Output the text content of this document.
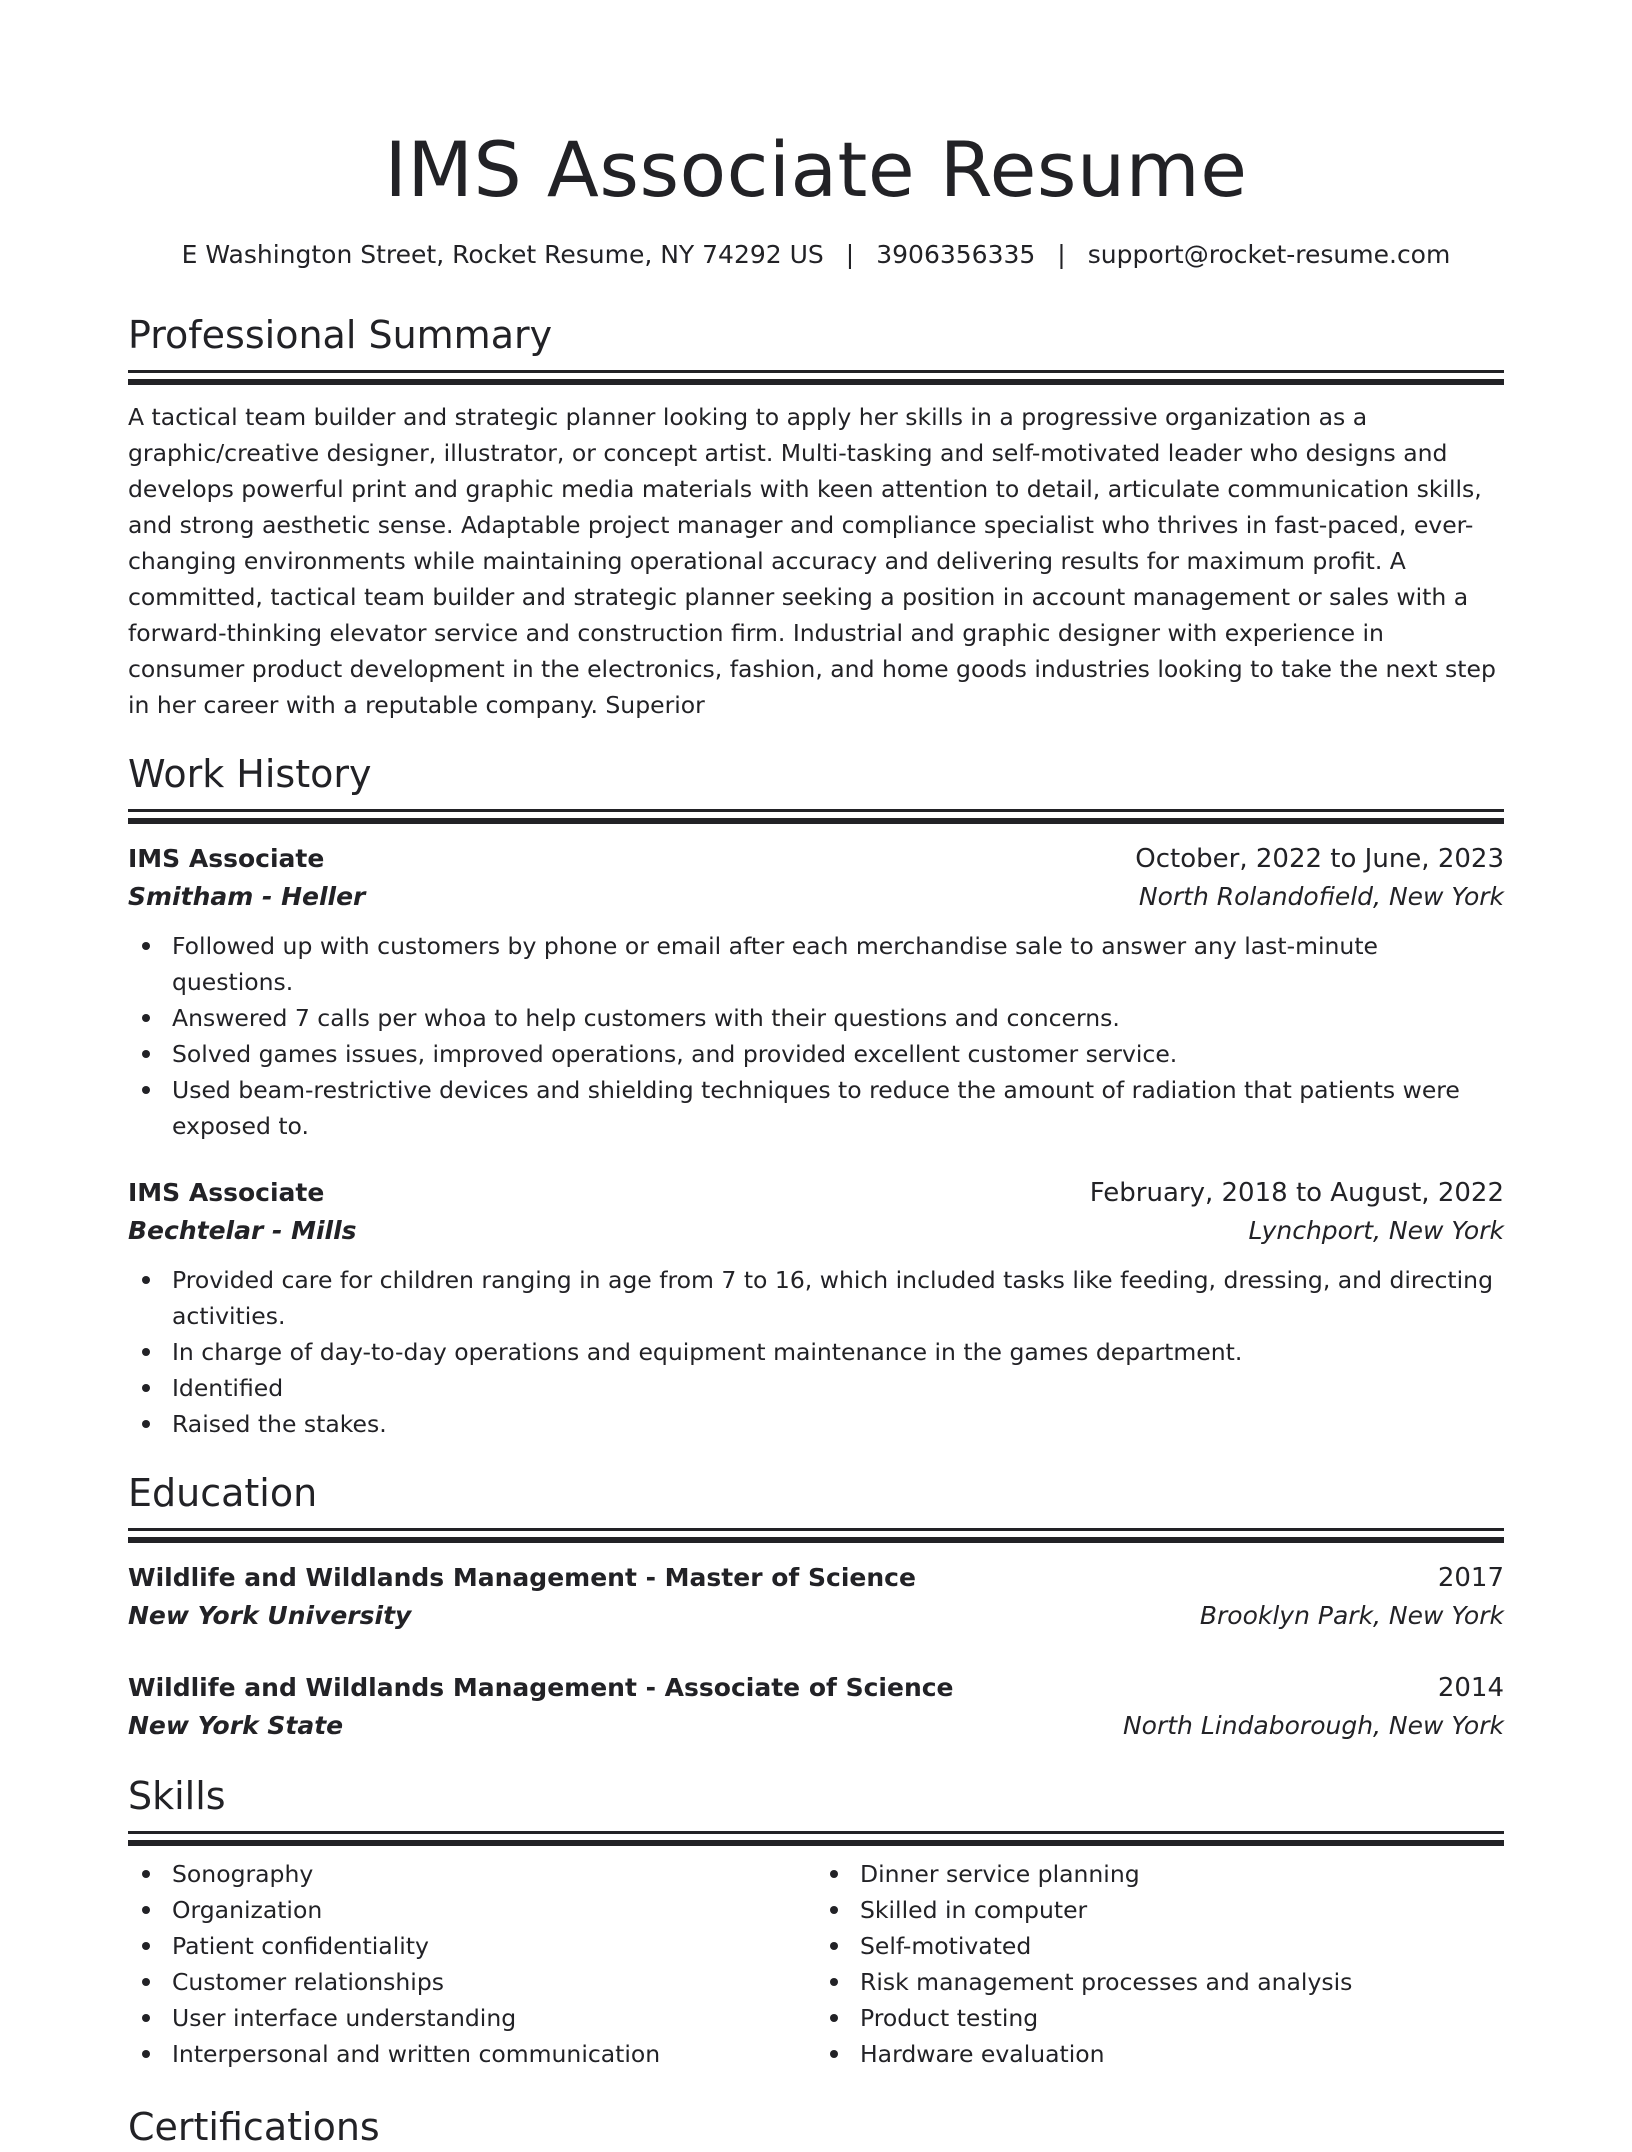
IMS Associate Resume
E Washington Street, Rocket Resume, NY 74292 US | 3906356335 | support@rocket-resume.com
Professional Summary
A tactical team builder and strategic planner looking to apply her skills in a progressive organization as a graphic/creative designer, illustrator, or concept artist. Multi-tasking and self-motivated leader who designs and develops powerful print and graphic media materials with keen attention to detail, articulate communication skills, and strong aesthetic sense. Adaptable project manager and compliance specialist who thrives in fast-paced, ever-changing environments while maintaining operational accuracy and delivering results for maximum profit. A committed, tactical team builder and strategic planner seeking a position in account management or sales with a forward-thinking elevator service and construction firm. Industrial and graphic designer with experience in consumer product development in the electronics, fashion, and home goods industries looking to take the next step in her career with a reputable company. Superior
Work History
IMS Associate	October, 2022 to June, 2023
Smitham - Heller	North Rolandofield, New York
Followed up with customers by phone or email after each merchandise sale to answer any last-minute questions.
Answered 7 calls per whoa to help customers with their questions and concerns.
Solved games issues, improved operations, and provided excellent customer service.
Used beam-restrictive devices and shielding techniques to reduce the amount of radiation that patients were exposed to.
IMS Associate	February, 2018 to August, 2022
Bechtelar - Mills	Lynchport, New York
Provided care for children ranging in age from 7 to 16, which included tasks like feeding, dressing, and directing activities.
In charge of day-to-day operations and equipment maintenance in the games department.
Identified
Raised the stakes.
Education
Wildlife and Wildlands Management - Master of Science	2017
New York University	Brooklyn Park, New York
Wildlife and Wildlands Management - Associate of Science	2014
New York State	North Lindaborough, New York
Skills
Sonography
Organization
Patient confidentiality
Customer relationships
User interface understanding
Interpersonal and written communication
Dinner service planning
Skilled in computer
Self-motivated
Risk management processes and analysis
Product testing
Hardware evaluation
Certifications
